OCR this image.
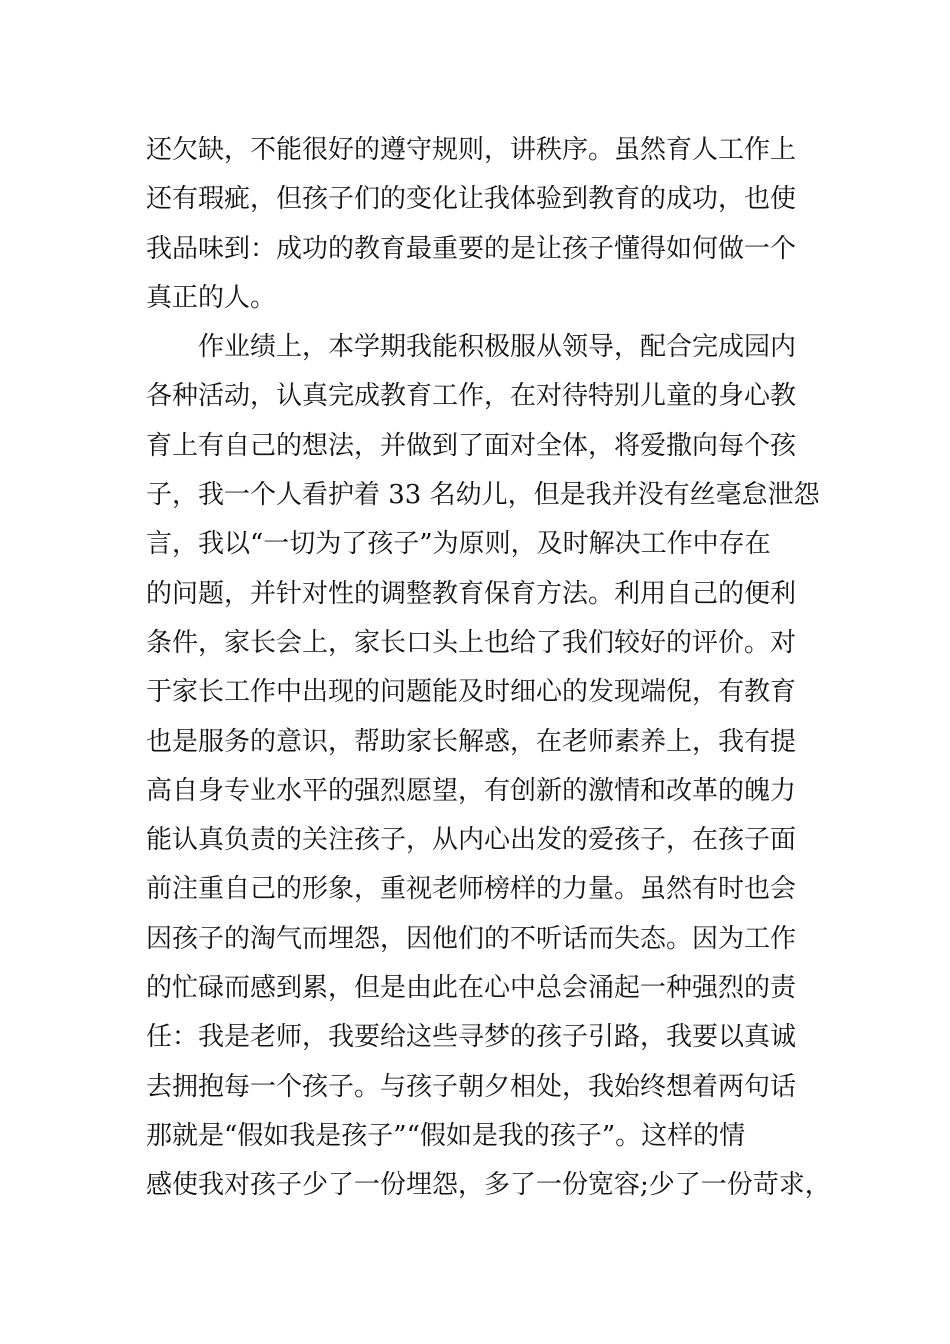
还欠缺，不能很好的遵守规则，讲秩序。虽然育人工作上
还有瑕疵，但孩子们的变化让我体验到教育的成功，也使
我品味到：成功的教育最重要的是让孩子懂得如何做一个
真正的人。
作业绩上，本学期我能积极服从领导，配合完成园内
各种活动，认真完成教育工作，在对待特别儿童的身心教
育上有自己的想法，并做到了面对全体，将爱撒向每个孩
子，我一个人看护着 33 名幼儿，但是我并没有丝毫怠泄怨
言，我以“一切为了孩子”为原则，及时解决工作中存在
的问题，并针对性的调整教育保育方法。利用自己的便利
条件，家长会上，家长口头上也给了我们较好的评价。对
于家长工作中出现的问题能及时细心的发现端倪，有教育
也是服务的意识，帮助家长解惑，在老师素养上，我有提
高自身专业水平的强烈愿望，有创新的激情和改革的魄力
能认真负责的关注孩子，从内心出发的爱孩子，在孩子面
前注重自己的形象，重视老师榜样的力量。虽然有时也会
因孩子的淘气而埋怨，因他们的不听话而失态。因为工作
的忙碌而感到累，但是由此在心中总会涌起一种强烈的责
任：我是老师，我要给这些寻梦的孩子引路，我要以真诚
去拥抱每一个孩子。与孩子朝夕相处，我始终想着两句话
那就是“假如我是孩子”“假如是我的孩子”。这样的情
感使我对孩子少了一份埋怨，多了一份宽容;少了一份苛求，
